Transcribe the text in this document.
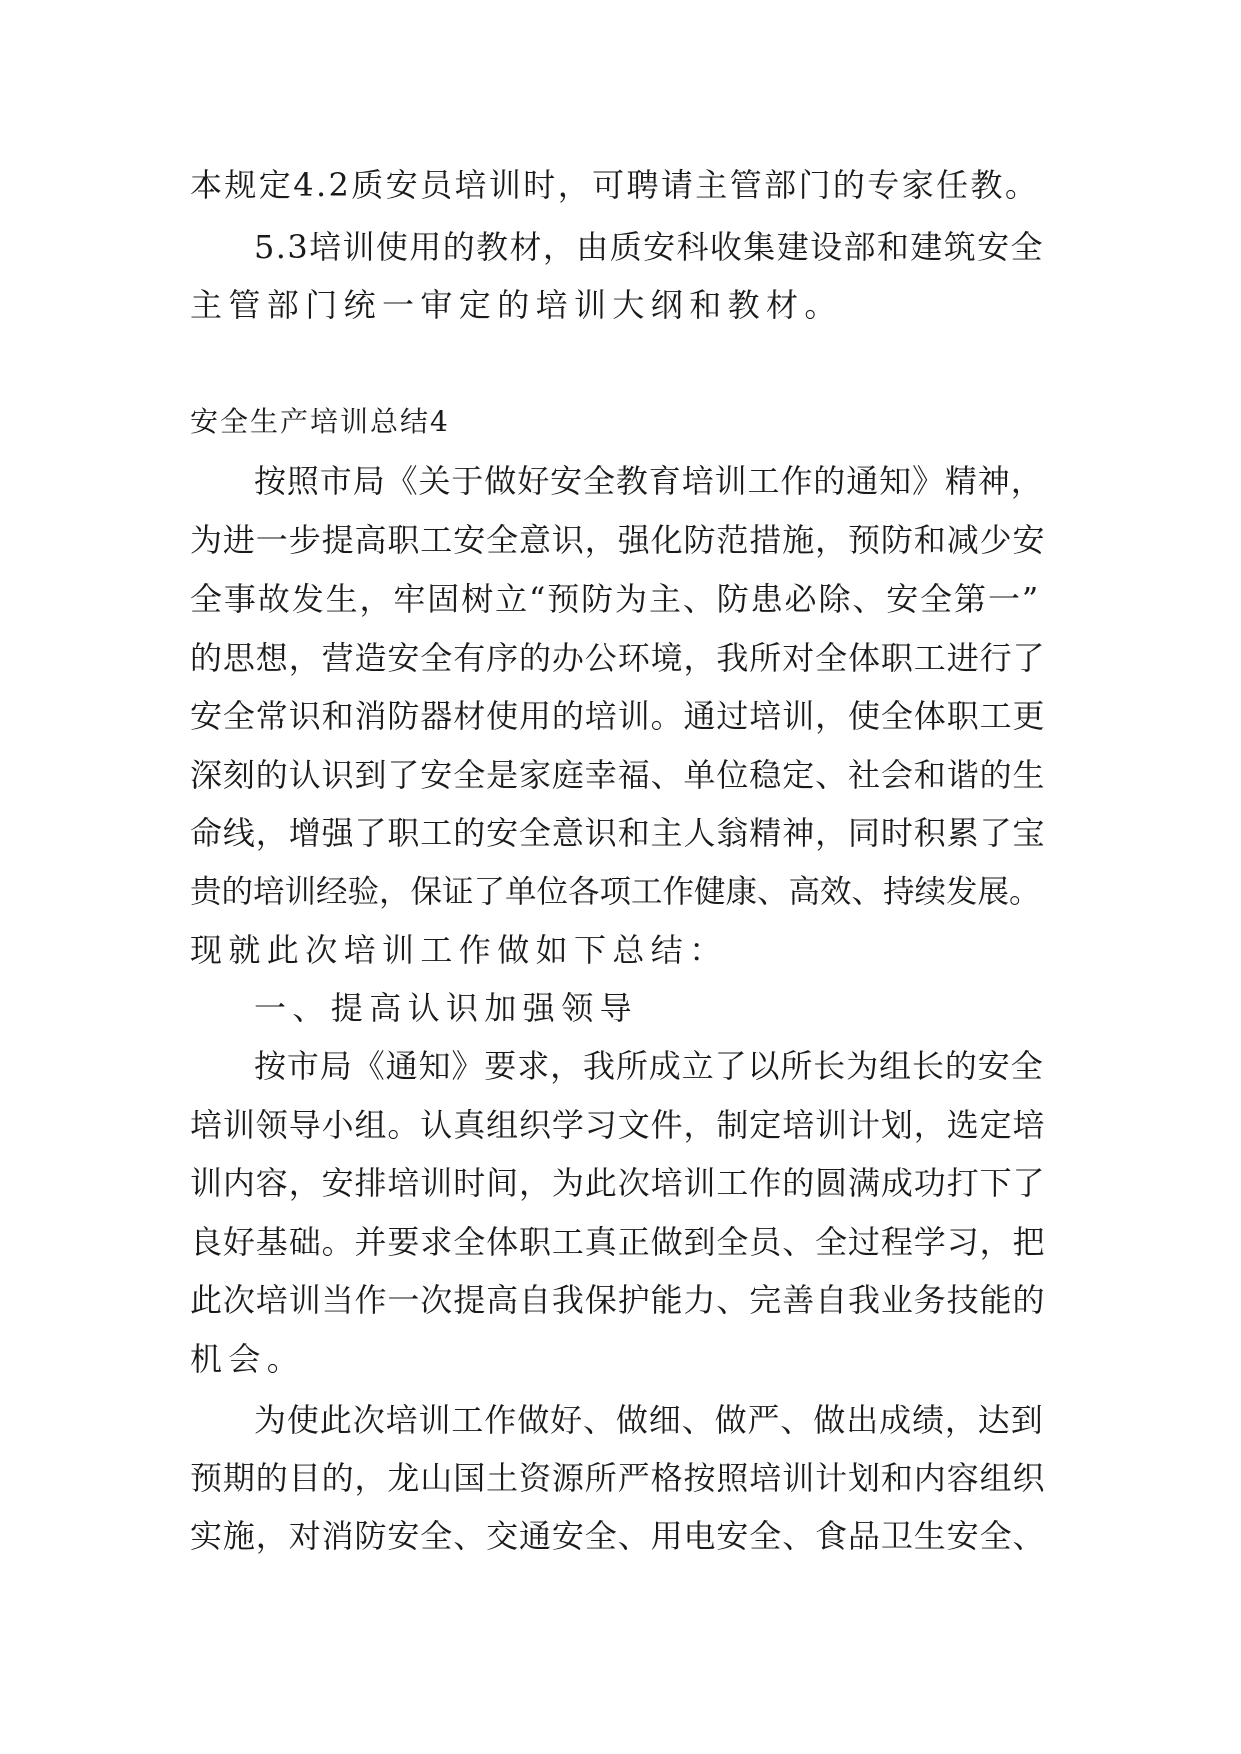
本规定4.2质安员培训时，可聘请主管部门的专家任教。

5.3培训使用的教材，由质安科收集建设部和建筑安全

主管部门统一审定的培训大纲和教材。

安全生产培训总结4

按照市局《关于做好安全教育培训工作的通知》精神，

为进一步提高职工安全意识，强化防范措施，预防和减少安

全事故发生，牢固树立“预防为主、防患必除、安全第一”

的思想，营造安全有序的办公环境，我所对全体职工进行了

安全常识和消防器材使用的培训。通过培训，使全体职工更

深刻的认识到了安全是家庭幸福、单位稳定、社会和谐的生

命线，增强了职工的安全意识和主人翁精神，同时积累了宝

贵的培训经验，保证了单位各项工作健康、高效、持续发展。

现就此次培训工作做如下总结：

一、提高认识加强领导

按市局《通知》要求，我所成立了以所长为组长的安全

培训领导小组。认真组织学习文件，制定培训计划，选定培

训内容，安排培训时间，为此次培训工作的圆满成功打下了

良好基础。并要求全体职工真正做到全员、全过程学习，把

此次培训当作一次提高自我保护能力、完善自我业务技能的

机会。

为使此次培训工作做好、做细、做严、做出成绩，达到

预期的目的，龙山国土资源所严格按照培训计划和内容组织

实施，对消防安全、交通安全、用电安全、食品卫生安全、
